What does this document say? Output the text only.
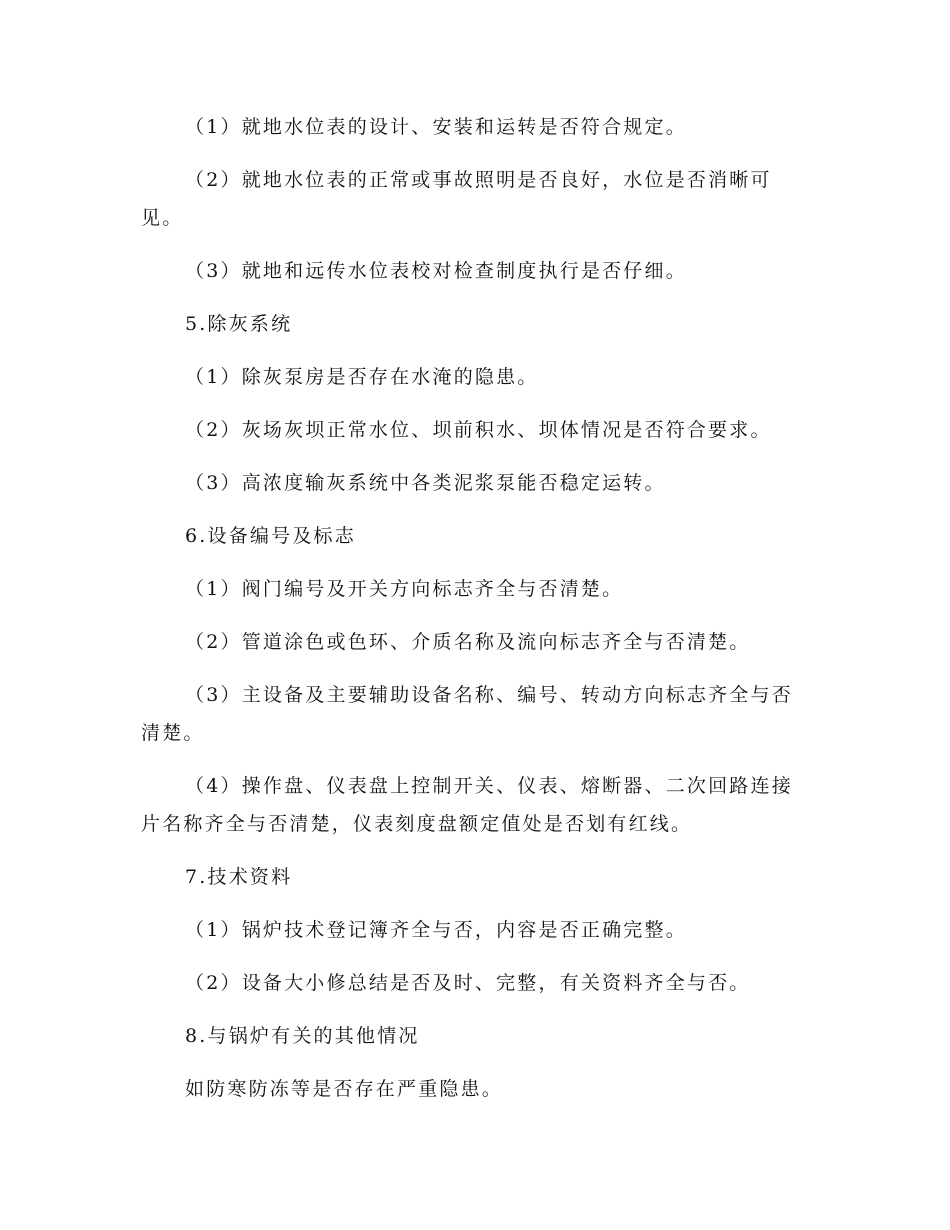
（1）就地水位表的设计、安装和运转是否符合规定。

（2）就地水位表的正常或事故照明是否良好，水位是否消晰可见。

（3）就地和远传水位表校对检查制度执行是否仔细。

5.除灰系统

（1）除灰泵房是否存在水淹的隐患。

（2）灰场灰坝正常水位、坝前积水、坝体情况是否符合要求。

（3）高浓度输灰系统中各类泥浆泵能否稳定运转。

6.设备编号及标志

（1）阀门编号及开关方向标志齐全与否清楚。

（2）管道涂色或色环、介质名称及流向标志齐全与否清楚。

（3）主设备及主要辅助设备名称、编号、转动方向标志齐全与否清楚。

（4）操作盘、仪表盘上控制开关、仪表、熔断器、二次回路连接片名称齐全与否清楚，仪表刻度盘额定值处是否划有红线。

7.技术资料

（1）锅炉技术登记簿齐全与否，内容是否正确完整。

（2）设备大小修总结是否及时、完整，有关资料齐全与否。

8.与锅炉有关的其他情况

如防寒防冻等是否存在严重隐患。
